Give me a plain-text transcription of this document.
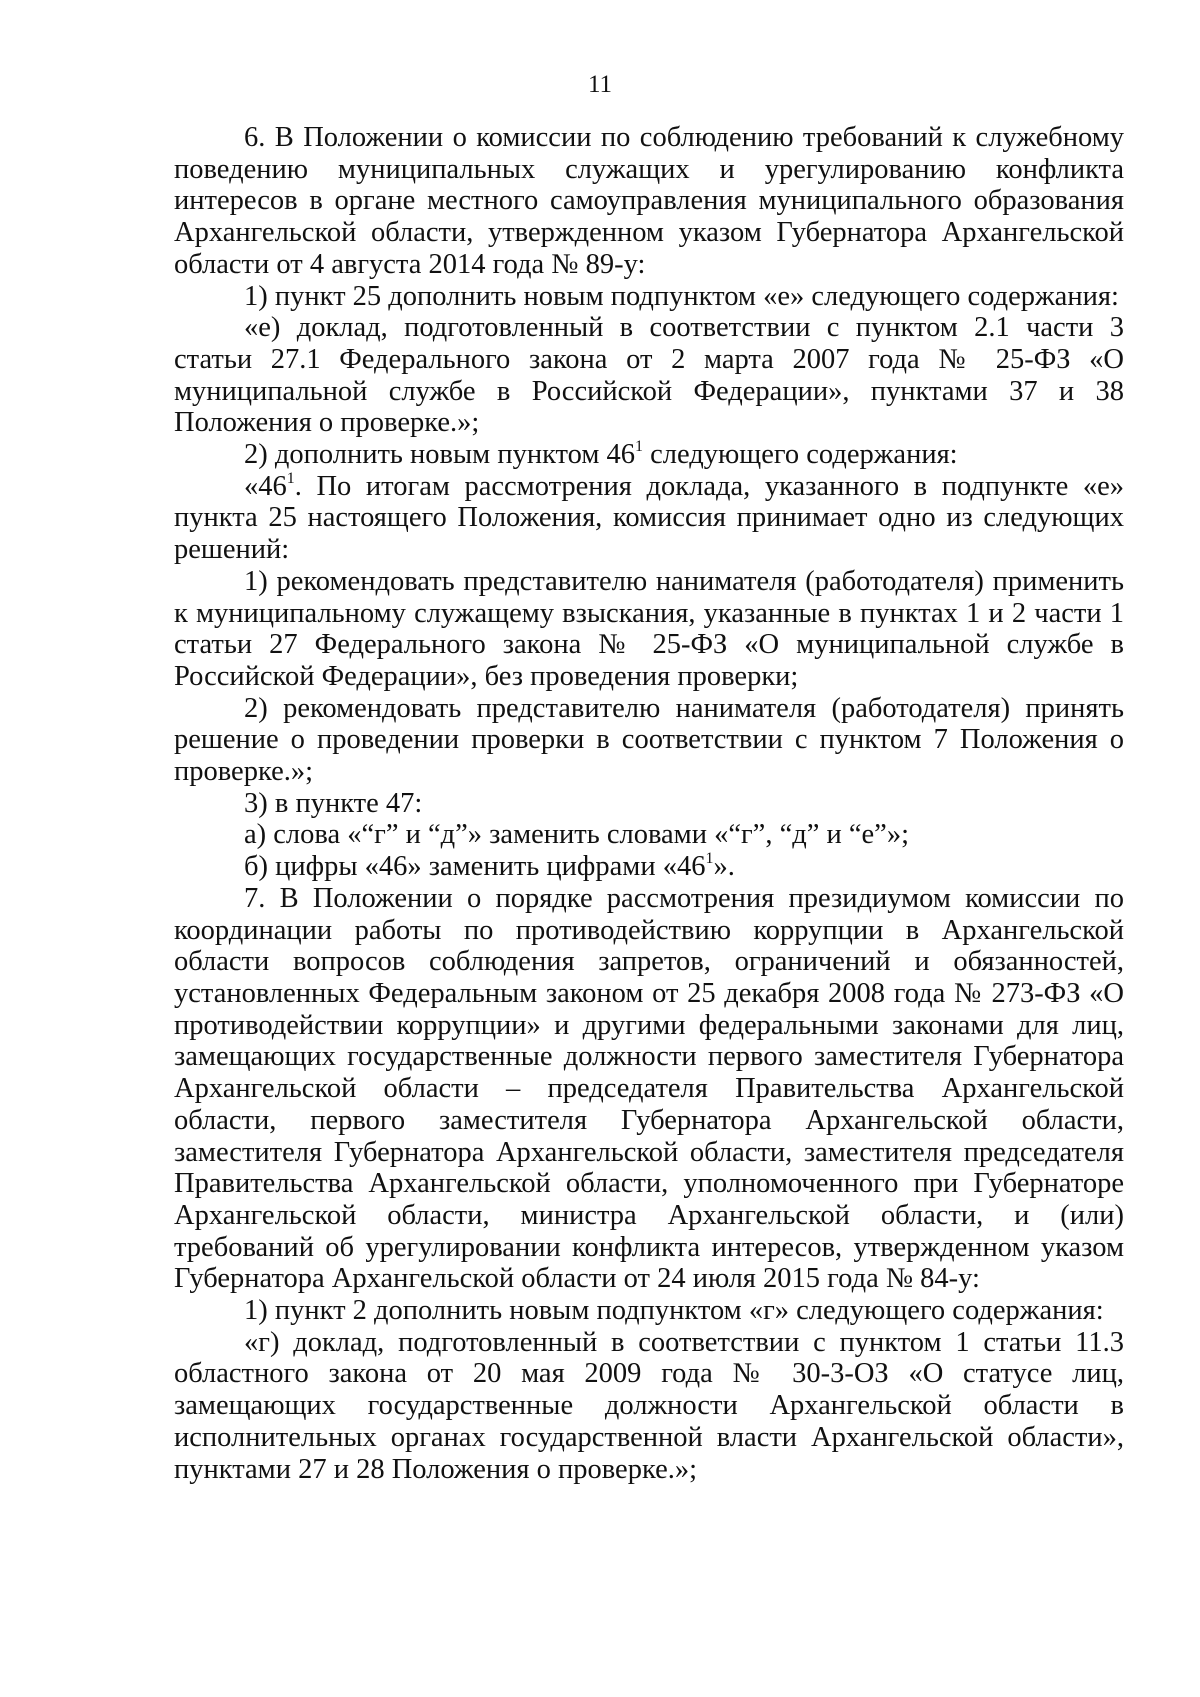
11

6. В Положении о комиссии по соблюдению требований к служебному поведению муниципальных служащих и урегулированию конфликта интересов в органе местного самоуправления муниципального образования Архангельской области, утвержденном указом Губернатора Архангельской области от 4 августа 2014 года № 89-у:

1) пункт 25 дополнить новым подпунктом «е» следующего содержания:

«е) доклад, подготовленный в соответствии с пунктом 2.1 части 3 статьи 27.1 Федерального закона от 2 марта 2007 года № 25-ФЗ «О муниципальной службе в Российской Федерации», пунктами 37 и 38 Положения о проверке.»;

2) дополнить новым пунктом $46^1$ следующего содержания:

«$46^1$. По итогам рассмотрения доклада, указанного в подпункте «е» пункта 25 настоящего Положения, комиссия принимает одно из следующих решений:

1) рекомендовать представителю нанимателя (работодателя) применить к муниципальному служащему взыскания, указанные в пунктах 1 и 2 части 1 статьи 27 Федерального закона № 25-ФЗ «О муниципальной службе в Российской Федерации», без проведения проверки;

2) рекомендовать представителю нанимателя (работодателя) принять решение о проведении проверки в соответствии с пунктом 7 Положения о проверке.»;

3) в пункте 47:

а) слова «“г” и “д”» заменить словами «“г”, “д” и “е”»;

б) цифры «46» заменить цифрами «$46^1$».

7. В Положении о порядке рассмотрения президиумом комиссии по координации работы по противодействию коррупции в Архангельской области вопросов соблюдения запретов, ограничений и обязанностей, установленных Федеральным законом от 25 декабря 2008 года № 273-ФЗ «О противодействии коррупции» и другими федеральными законами для лиц, замещающих государственные должности первого заместителя Губернатора Архангельской области – председателя Правительства Архангельской области, первого заместителя Губернатора Архангельской области, заместителя Губернатора Архангельской области, заместителя председателя Правительства Архангельской области, уполномоченного при Губернаторе Архангельской области, министра Архангельской области, и (или) требований об урегулировании конфликта интересов, утвержденном указом Губернатора Архангельской области от 24 июля 2015 года № 84-у:

1) пункт 2 дополнить новым подпунктом «г» следующего содержания:

«г) доклад, подготовленный в соответствии с пунктом 1 статьи 11.3 областного закона от 20 мая 2009 года № 30-3-ОЗ «О статусе лиц, замещающих государственные должности Архангельской области в исполнительных органах государственной власти Архангельской области», пунктами 27 и 28 Положения о проверке.»;
